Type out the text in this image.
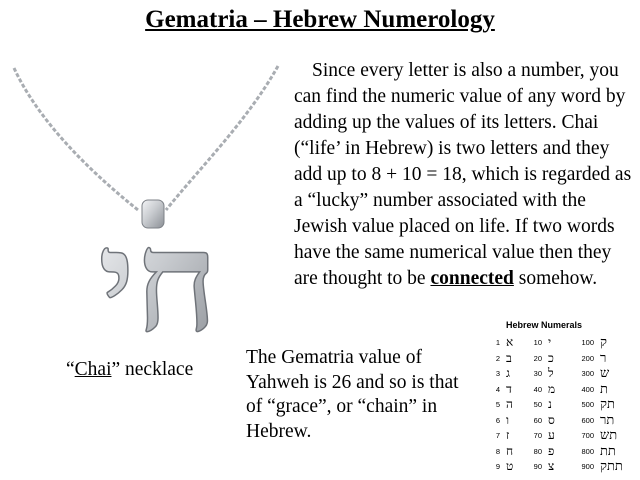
Gematria – Hebrew Numerology
חי
Since every letter is also a number, you can find the numeric value of any word by adding up the values of its letters. Chai (“life’ in Hebrew) is two letters and they add up to 8 + 10 = 18, which is regarded as a “lucky” number associated with the Jewish value placed on life. If two words have the same numerical value then they are thought to be connected somehow.
“Chai” necklace
The Gematria value of Yahweh is 26 and so is that of “grace”, or “chain” in Hebrew.
Hebrew Numerals
1
2
3
4
5
6
7
8
9
א
ב
ג
ד
ה
ו
ז
ח
ט
10
20
30
40
50
60
70
80
90
י
כ
ל
מ
נ
ס
ע
פ
צ
100
200
300
400
500
600
700
800
900
ק
ר
ש
ת
תק
תר
תש
תת
תתק
